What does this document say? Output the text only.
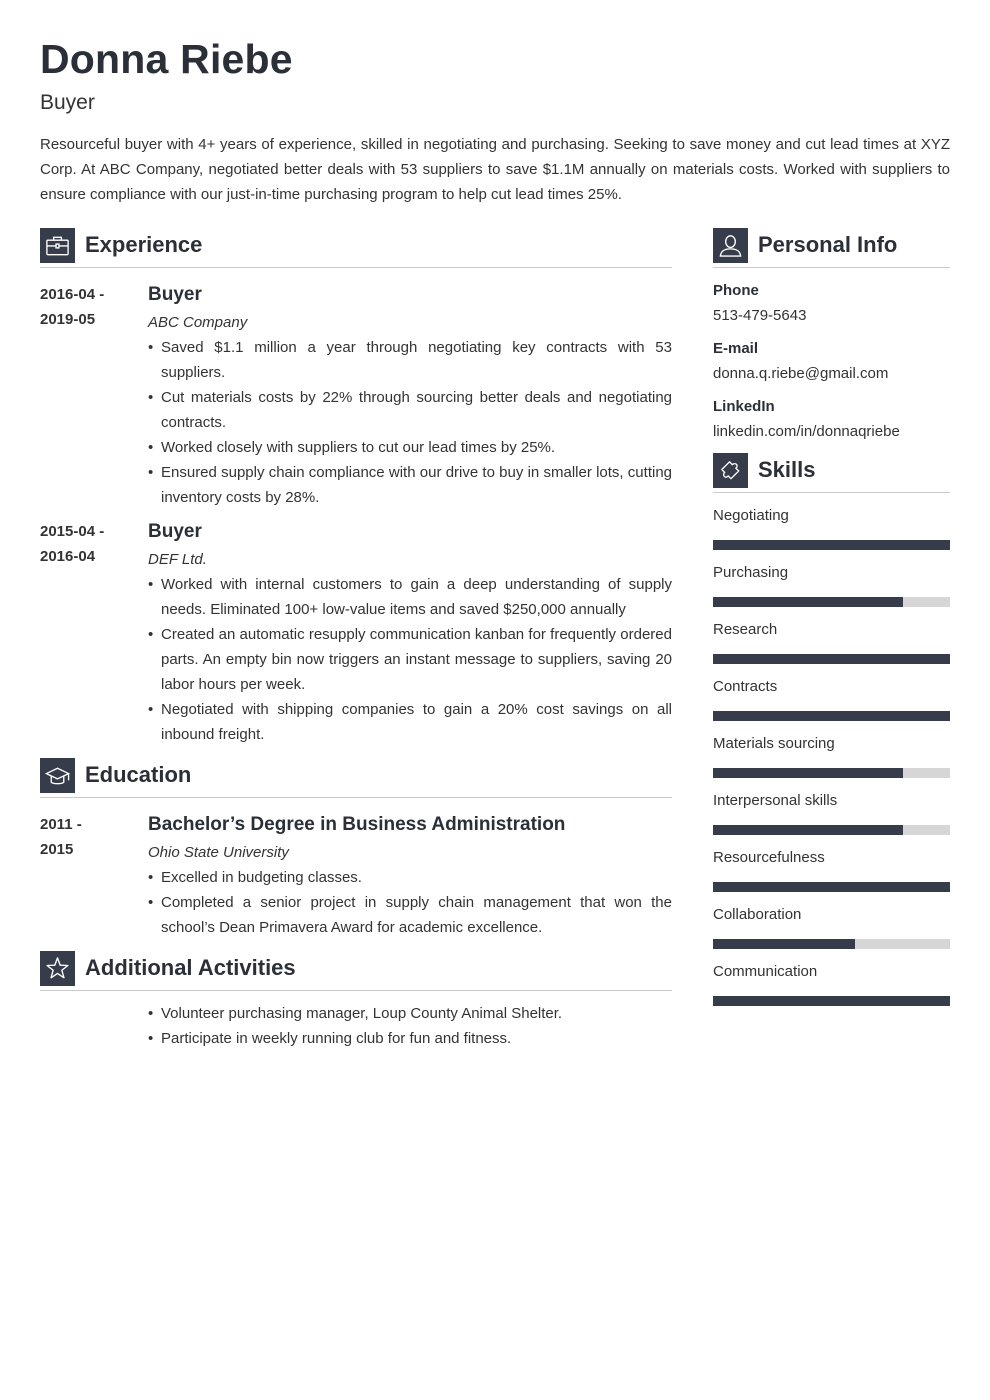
Donna Riebe
Buyer
Resourceful buyer with 4+ years of experience, skilled in negotiating and purchasing. Seeking to save money and cut lead times at XYZ Corp. At ABC Company, negotiated better deals with 53 suppliers to save $1.1M annually on materials costs. Worked with suppliers to ensure compliance with our just-in-time purchasing program to help cut lead times 25%.
Experience
2016-04 -
2019-05
Buyer
ABC Company
• Saved $1.1 million a year through negotiating key contracts with 53 suppliers.
• Cut materials costs by 22% through sourcing better deals and negotiating contracts.
• Worked closely with suppliers to cut our lead times by 25%.
• Ensured supply chain compliance with our drive to buy in smaller lots, cutting inventory costs by 28%.
2015-04 -
2016-04
Buyer
DEF Ltd.
• Worked with internal customers to gain a deep understanding of supply needs. Eliminated 100+ low-value items and saved $250,000 annually
• Created an automatic resupply communication kanban for frequently ordered parts. An empty bin now triggers an instant message to suppliers, saving 20 labor hours per week.
• Negotiated with shipping companies to gain a 20% cost savings on all inbound freight.
Education
2011 -
2015
Bachelor’s Degree in Business Administration
Ohio State University
• Excelled in budgeting classes.
• Completed a senior project in supply chain management that won the school’s Dean Primavera Award for academic excellence.
Additional Activities
• Volunteer purchasing manager, Loup County Animal Shelter.
• Participate in weekly running club for fun and fitness.
Personal Info
Phone
513-479-5643
E-mail
donna.q.riebe@gmail.com
LinkedIn
linkedin.com/in/donnaqriebe
Skills
Negotiating
Purchasing
Research
Contracts
Materials sourcing
Interpersonal skills
Resourcefulness
Collaboration
Communication
